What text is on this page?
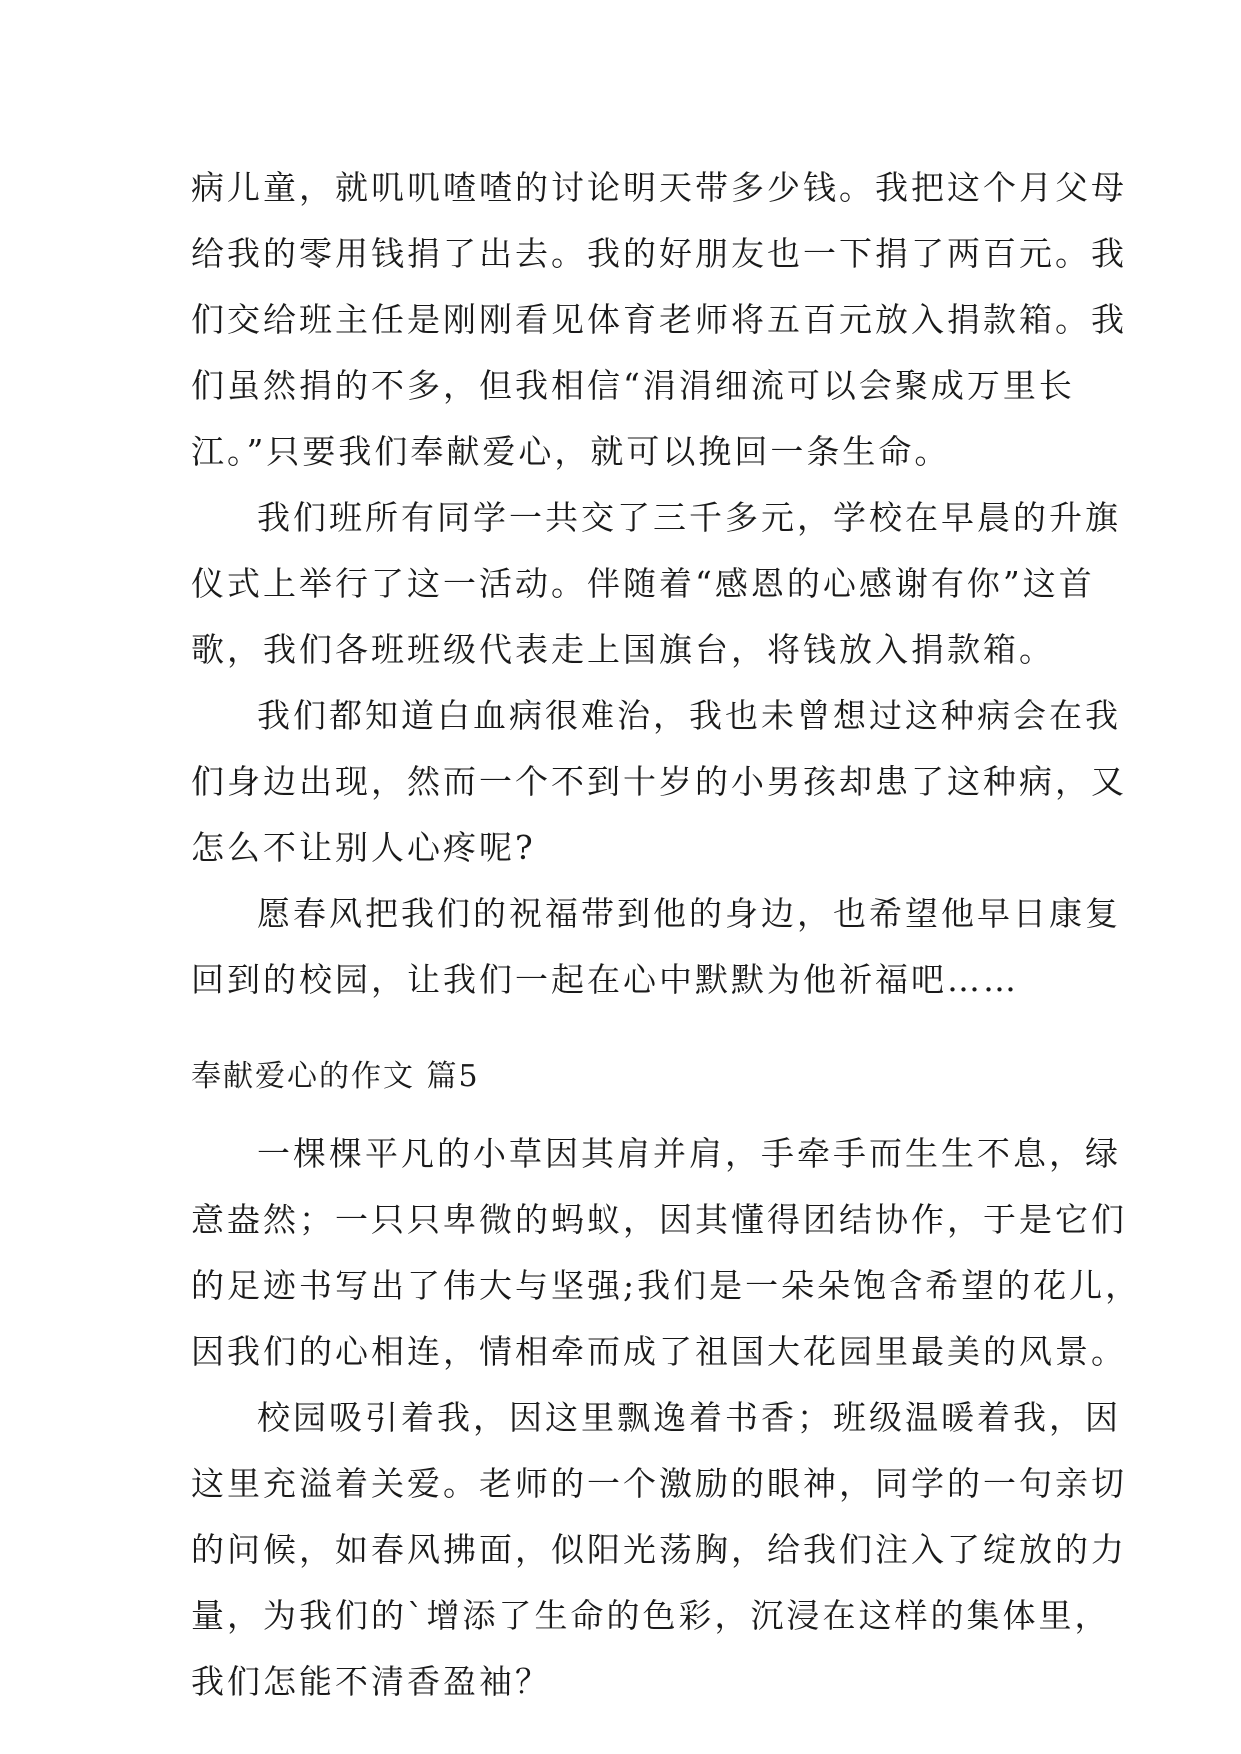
病儿童，就叽叽喳喳的讨论明天带多少钱。我把这个月父母
给我的零用钱捐了出去。我的好朋友也一下捐了两百元。我
们交给班主任是刚刚看见体育老师将五百元放入捐款箱。我
们虽然捐的不多，但我相信“涓涓细流可以会聚成万里长
江。”只要我们奉献爱心，就可以挽回一条生命。
我们班所有同学一共交了三千多元，学校在早晨的升旗
仪式上举行了这一活动。伴随着“感恩的心感谢有你”这首
歌，我们各班班级代表走上国旗台，将钱放入捐款箱。
我们都知道白血病很难治，我也未曾想过这种病会在我
们身边出现，然而一个不到十岁的小男孩却患了这种病，又
怎么不让别人心疼呢?
愿春风把我们的祝福带到他的身边，也希望他早日康复
回到的校园，让我们一起在心中默默为他祈福吧……
奉献爱心的作文 篇5
一棵棵平凡的小草因其肩并肩，手牵手而生生不息，绿
意盎然；一只只卑微的蚂蚁，因其懂得团结协作，于是它们
的足迹书写出了伟大与坚强;我们是一朵朵饱含希望的花儿，
因我们的心相连，情相牵而成了祖国大花园里最美的风景。
校园吸引着我，因这里飘逸着书香；班级温暖着我，因
这里充溢着关爱。老师的一个激励的眼神，同学的一句亲切
的问候，如春风拂面，似阳光荡胸，给我们注入了绽放的力
量，为我们的`增添了生命的色彩，沉浸在这样的集体里，
我们怎能不清香盈袖？
